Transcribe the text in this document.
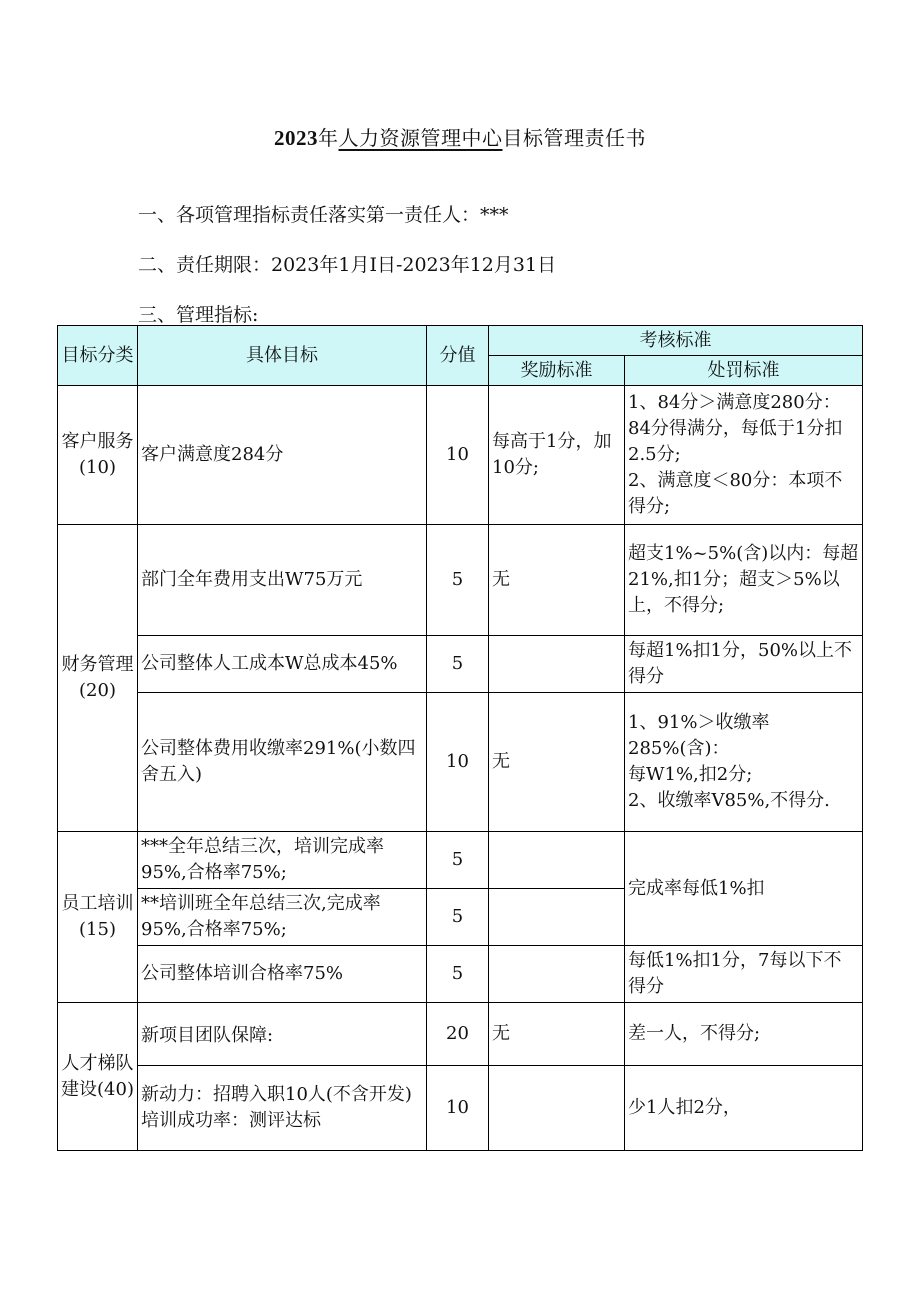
2023年人力资源管理中心目标管理责任书
一、各项管理指标责任落实第一责任人：***
二、责任期限：2023年1月I日-2023年12月31日
三、管理指标:
目标分类	具体目标	分值	考核标准	
			奖励标准	处罚标准
客户服务(10)	客户满意度284分	10	每高于1分，加10分;	1、84分＞满意度280分：84分得满分，每低于1分扣2.5分;
2、满意度＜80分：本项不得分;
财务管理(20)	部门全年费用支出W75万元	5	无	超支1%~5%(含)以内：每超21%,扣1分；超支＞5%以上，不得分;
	公司整体人工成本W总成本45%	5		每超1%扣1分，50%以上不得分
	公司整体费用收缴率291%(小数四舍五入)	10	无	1、91%＞收缴率
285%(含)：
每W1%,扣2分;
2、收缴率V85%,不得分.
员工培训(15)	***全年总结三次，培训完成率95%,合格率75%;	5		完成率每低1%扣
	**培训班全年总结三次,完成率95%,合格率75%;	5		
	公司整体培训合格率75%	5		每低1%扣1分，7每以下不得分
人才梯队建设(40)	新项目团队保障:	20	无	差一人，不得分;
	新动力：招聘入职10人(不含开发)
培训成功率：测评达标	10		少1人扣2分，
